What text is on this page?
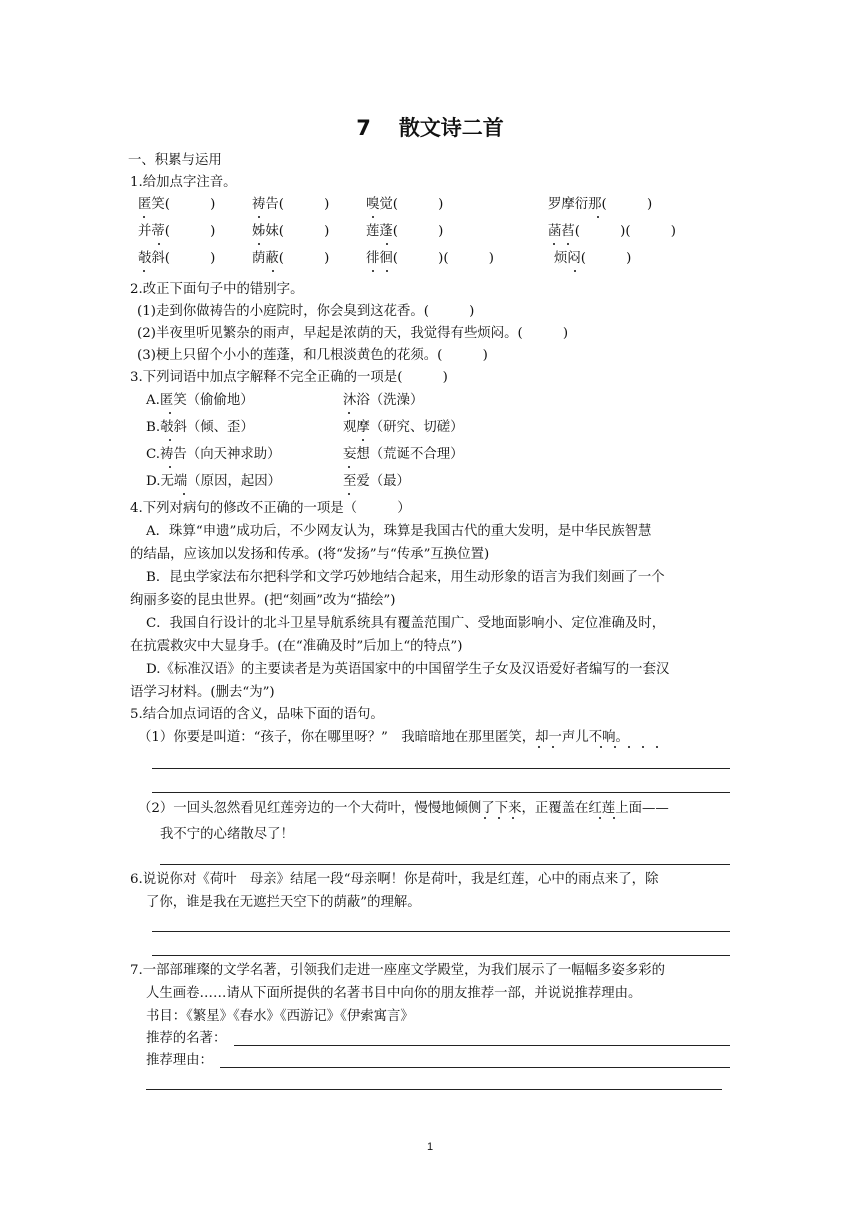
7 散文诗二首
一、积累与运用
1.给加点字注音。
匿笑(　　　)	祷告(　　　)	嗅觉(　　　)	罗摩衍那(　　　)
并蒂(　　　)	姊妹(　　　)	莲蓬(　　　)	菡萏(　　　)(　　　)
攲斜(　　　)	荫蔽(　　　)	徘徊(　　　)(　　　)	烦闷(　　　)
2.改正下面句子中的错别字。
(1)走到你做祷告的小庭院时，你会臭到这花香。(　　　)
(2)半夜里听见繁杂的雨声，早起是浓荫的天，我觉得有些烦闷。(　　　)
(3)梗上只留个小小的莲蓬，和几根淡黄色的花须。(　　　)
3.下列词语中加点字解释不完全正确的一项是(　　　)
A.匿笑（偷偷地）	沐浴（洗澡）
B.攲斜（倾、歪）	观摩（研究、切磋）
C.祷告（向天神求助）	妄想（荒诞不合理）
D.无端（原因，起因）	至爱（最）
4.下列对病句的修改不正确的一项是（　　　）
A．珠算“申遗”成功后，不少网友认为，珠算是我国古代的重大发明，是中华民族智慧
的结晶，应该加以发扬和传承。(将“发扬”与“传承”互换位置)
B．昆虫学家法布尔把科学和文学巧妙地结合起来，用生动形象的语言为我们刻画了一个
绚丽多姿的昆虫世界。(把“刻画”改为“描绘”)
C．我国自行设计的北斗卫星导航系统具有覆盖范围广、受地面影响小、定位准确及时，
在抗震救灾中大显身手。(在“准确及时”后加上“的特点”)
D.《标准汉语》的主要读者是为英语国家中的中国留学生子女及汉语爱好者编写的一套汉
语学习材料。(删去“为”)
5.结合加点词语的含义，品味下面的语句。
（1）你要是叫道：“孩子，你在哪里呀？”　我暗暗地在那里匿笑，却一声儿不响。
（2）一回头忽然看见红莲旁边的一个大荷叶，慢慢地倾侧了下来，正覆盖在红莲上面——
我不宁的心绪散尽了！
6.说说你对《荷叶　母亲》结尾一段“母亲啊！你是荷叶，我是红莲，心中的雨点来了，除
了你，谁是我在无遮拦天空下的荫蔽”的理解。
7.一部部璀璨的文学名著，引领我们走进一座座文学殿堂，为我们展示了一幅幅多姿多彩的
人生画卷……请从下面所提供的名著书目中向你的朋友推荐一部，并说说推荐理由。
书目：《繁星》《春水》《西游记》《伊索寓言》
推荐的名著：
推荐理由：
1
